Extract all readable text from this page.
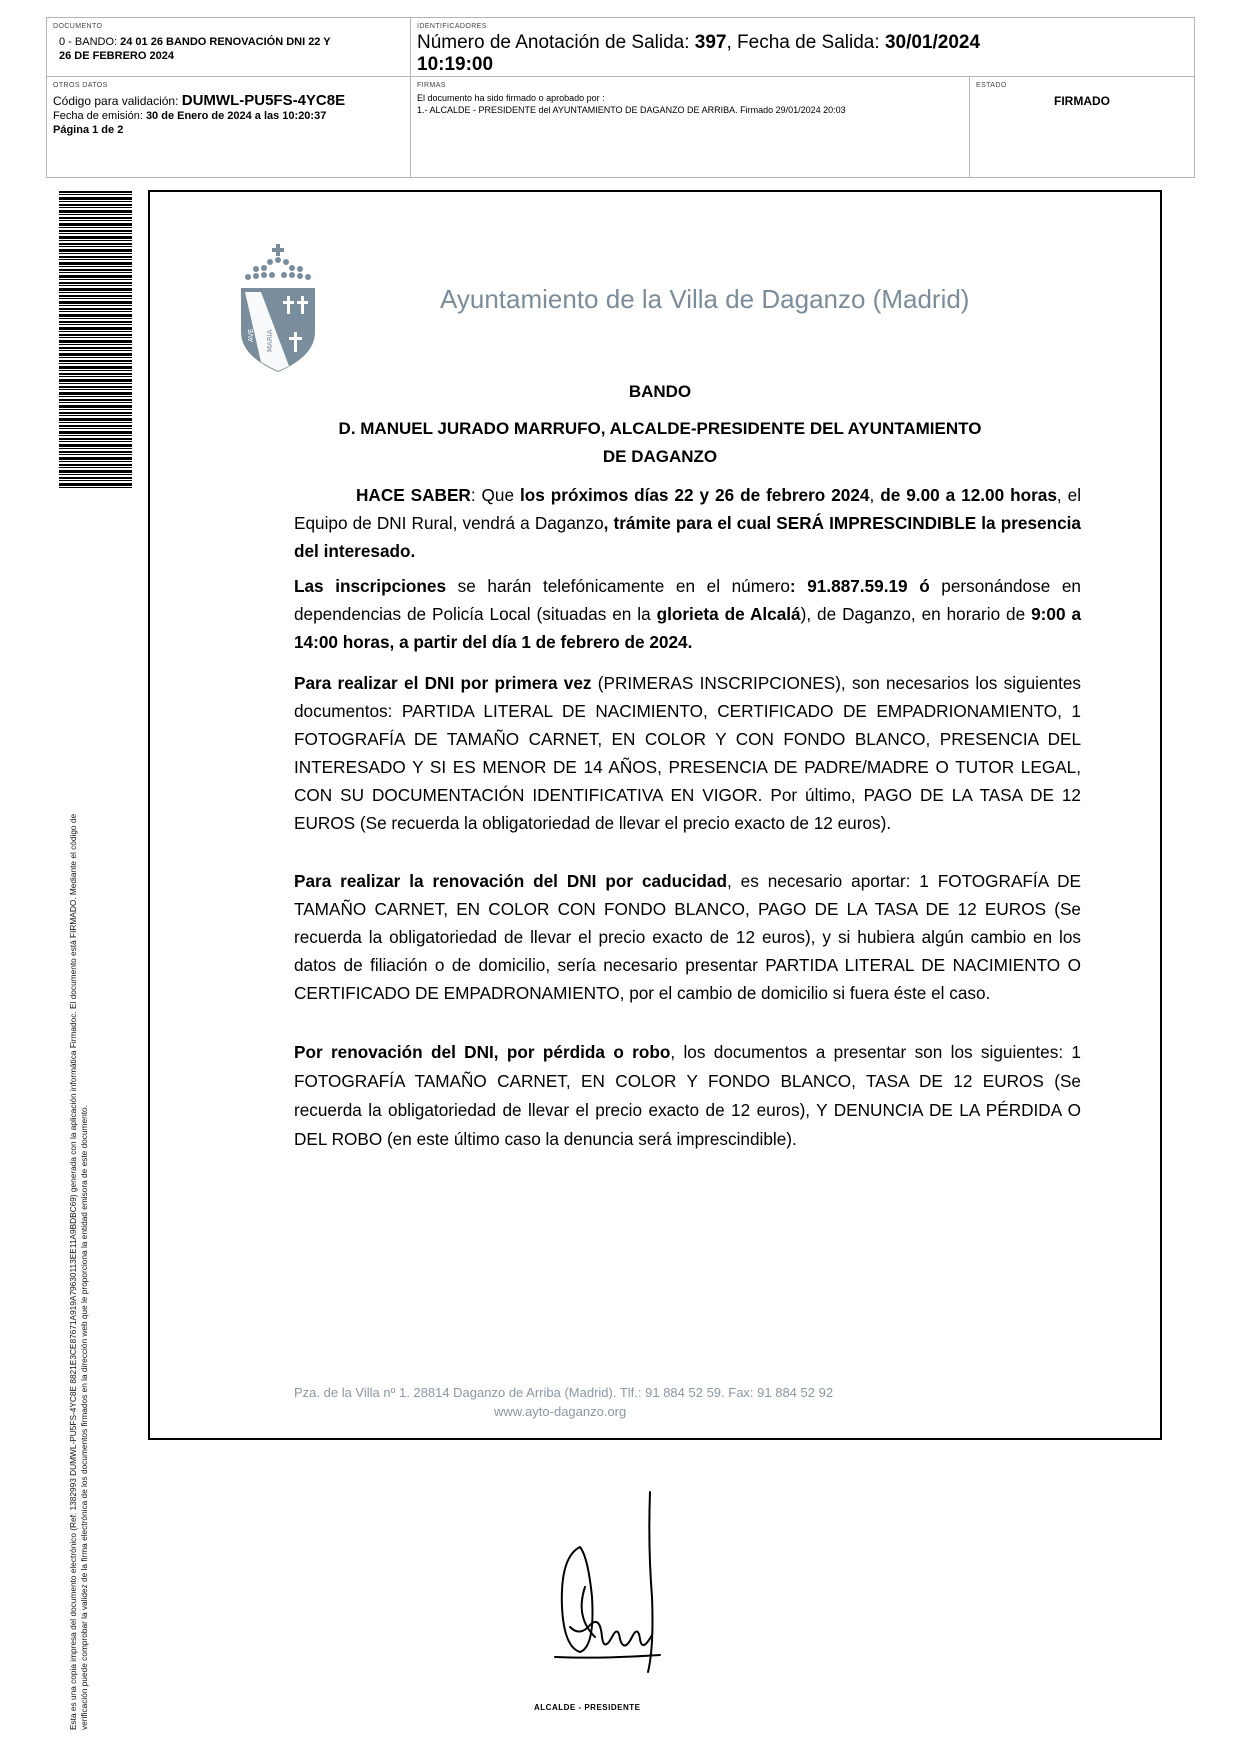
DOCUMENTO
0 - BANDO: 24 01 26 BANDO RENOVACIÓN DNI 22 Y
26 DE FEBRERO 2024
IDENTIFICADORES
Número de Anotación de Salida: 397, Fecha de Salida: 30/01/2024
10:19:00
OTROS DATOS
Código para validación: DUMWL-PU5FS-4YC8E
Fecha de emisión: 30 de Enero de 2024 a las 10:20:37
Página 1 de 2
FIRMAS
El documento ha sido firmado o aprobado por :
1.- ALCALDE - PRESIDENTE del AYUNTAMIENTO DE DAGANZO DE ARRIBA. Firmado 29/01/2024 20:03
ESTADO
FIRMADO
Esta es una copia impresa del documento electrónico (Ref: 1382993 DUMWL-PU5FS-4YC8E 8821E3CE87671A919A79630113EE11A9BDBC69) generada con la aplicación informática Firmadoc. El documento está FIRMADO. Mediante el código de verificación puede comprobar la validez de la firma electrónica de los documentos firmados en la dirección web que le proporciona la entidad emisora de este documento.
AVE MARIA
Ayuntamiento de la Villa de Daganzo (Madrid)
BANDO
D. MANUEL JURADO MARRUFO, ALCALDE-PRESIDENTE DEL AYUNTAMIENTO
DE DAGANZO
HACE SABER: Que los próximos días 22 y 26 de febrero 2024, de 9.00 a 12.00 horas, el Equipo de DNI Rural, vendrá a Daganzo, trámite para el cual SERÁ IMPRESCINDIBLE la presencia del interesado.
Las inscripciones se harán telefónicamente en el número: 91.887.59.19 ó personándose en dependencias de Policía Local (situadas en la glorieta de Alcalá), de Daganzo, en horario de 9:00 a 14:00 horas, a partir del día 1 de febrero de 2024.
Para realizar el DNI por primera vez (PRIMERAS INSCRIPCIONES), son necesarios los siguientes documentos: PARTIDA LITERAL DE NACIMIENTO, CERTIFICADO DE EMPADRIONAMIENTO, 1 FOTOGRAFÍA DE TAMAÑO CARNET, EN COLOR Y CON FONDO BLANCO, PRESENCIA DEL INTERESADO Y SI ES MENOR DE 14 AÑOS, PRESENCIA DE PADRE/MADRE O TUTOR LEGAL, CON SU DOCUMENTACIÓN IDENTIFICATIVA EN VIGOR. Por último, PAGO DE LA TASA DE 12 EUROS (Se recuerda la obligatoriedad de llevar el precio exacto de 12 euros).
Para realizar la renovación del DNI por caducidad, es necesario aportar: 1 FOTOGRAFÍA DE TAMAÑO CARNET, EN COLOR CON FONDO BLANCO, PAGO DE LA TASA DE 12 EUROS (Se recuerda la obligatoriedad de llevar el precio exacto de 12 euros), y si hubiera algún cambio en los datos de filiación o de domicilio, sería necesario presentar PARTIDA LITERAL DE NACIMIENTO O CERTIFICADO DE EMPADRONAMIENTO, por el cambio de domicilio si fuera éste el caso.
Por renovación del DNI, por pérdida o robo, los documentos a presentar son los siguientes: 1 FOTOGRAFÍA TAMAÑO CARNET, EN COLOR Y FONDO BLANCO, TASA DE 12 EUROS (Se recuerda la obligatoriedad de llevar el precio exacto de 12 euros), Y DENUNCIA DE LA PÉRDIDA O DEL ROBO (en este último caso la denuncia será imprescindible).
Pza. de la Villa nº 1. 28814 Daganzo de Arriba (Madrid). Tlf.: 91 884 52 59. Fax: 91 884 52 92
www.ayto-daganzo.org
ALCALDE - PRESIDENTE
